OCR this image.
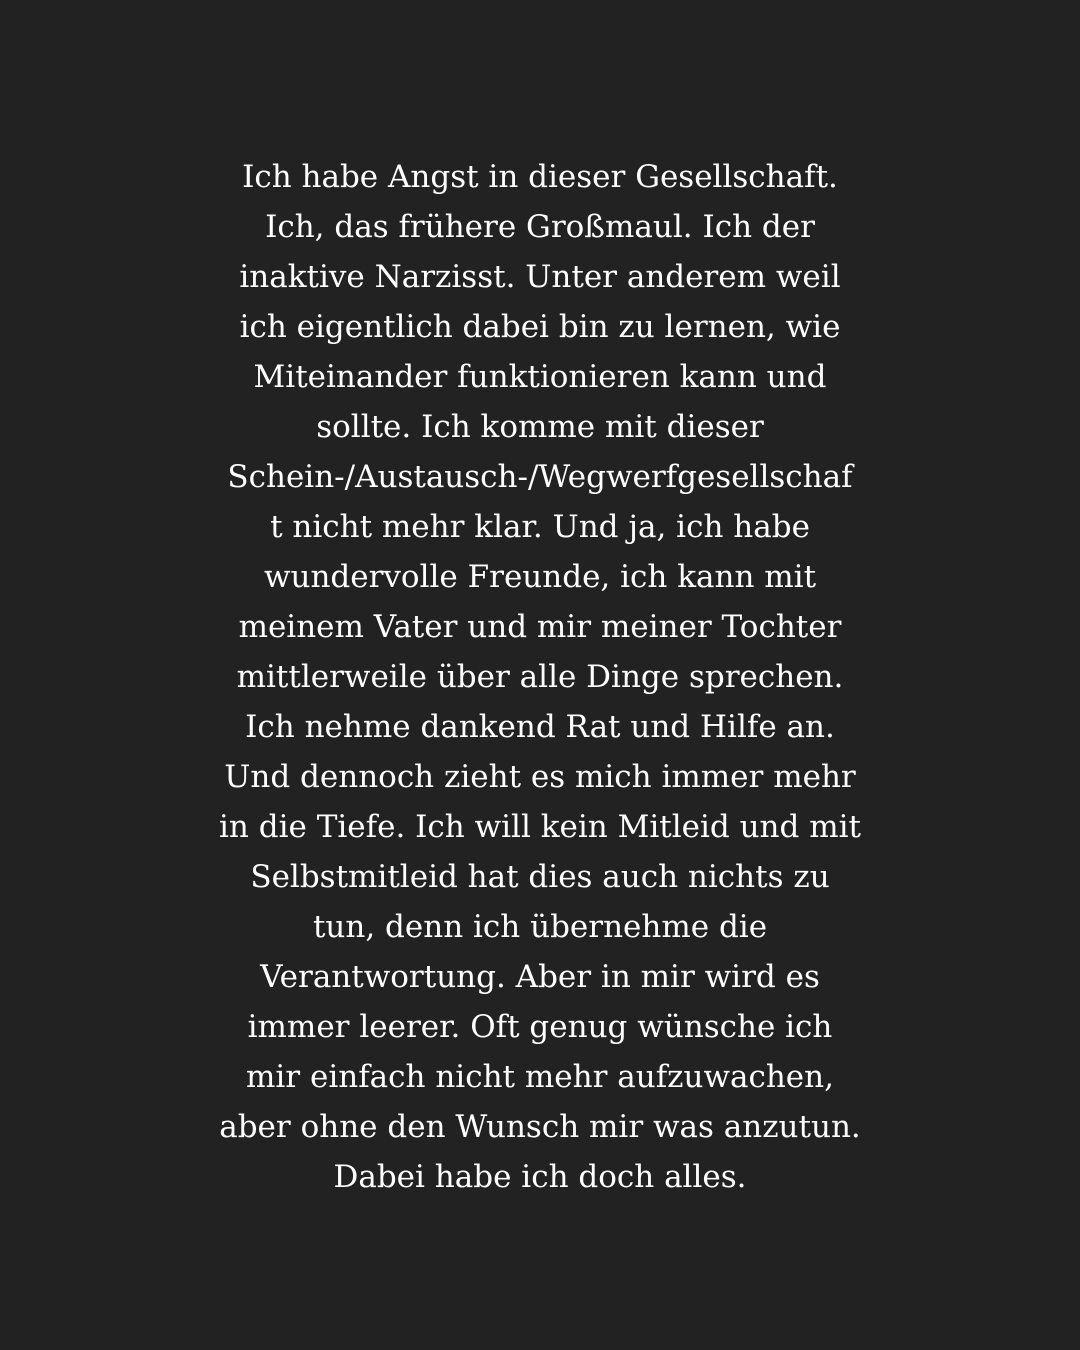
Ich habe Angst in dieser Gesellschaft.
Ich, das frühere Großmaul. Ich der
inaktive Narzisst. Unter anderem weil
ich eigentlich dabei bin zu lernen, wie
Miteinander funktionieren kann und
sollte. Ich komme mit dieser
Schein-/Austausch-/Wegwerfgesellschaf
t nicht mehr klar. Und ja, ich habe
wundervolle Freunde, ich kann mit
meinem Vater und mir meiner Tochter
mittlerweile über alle Dinge sprechen.
Ich nehme dankend Rat und Hilfe an.
Und dennoch zieht es mich immer mehr
in die Tiefe. Ich will kein Mitleid und mit
Selbstmitleid hat dies auch nichts zu
tun, denn ich übernehme die
Verantwortung. Aber in mir wird es
immer leerer. Oft genug wünsche ich
mir einfach nicht mehr aufzuwachen,
aber ohne den Wunsch mir was anzutun.
Dabei habe ich doch alles.
